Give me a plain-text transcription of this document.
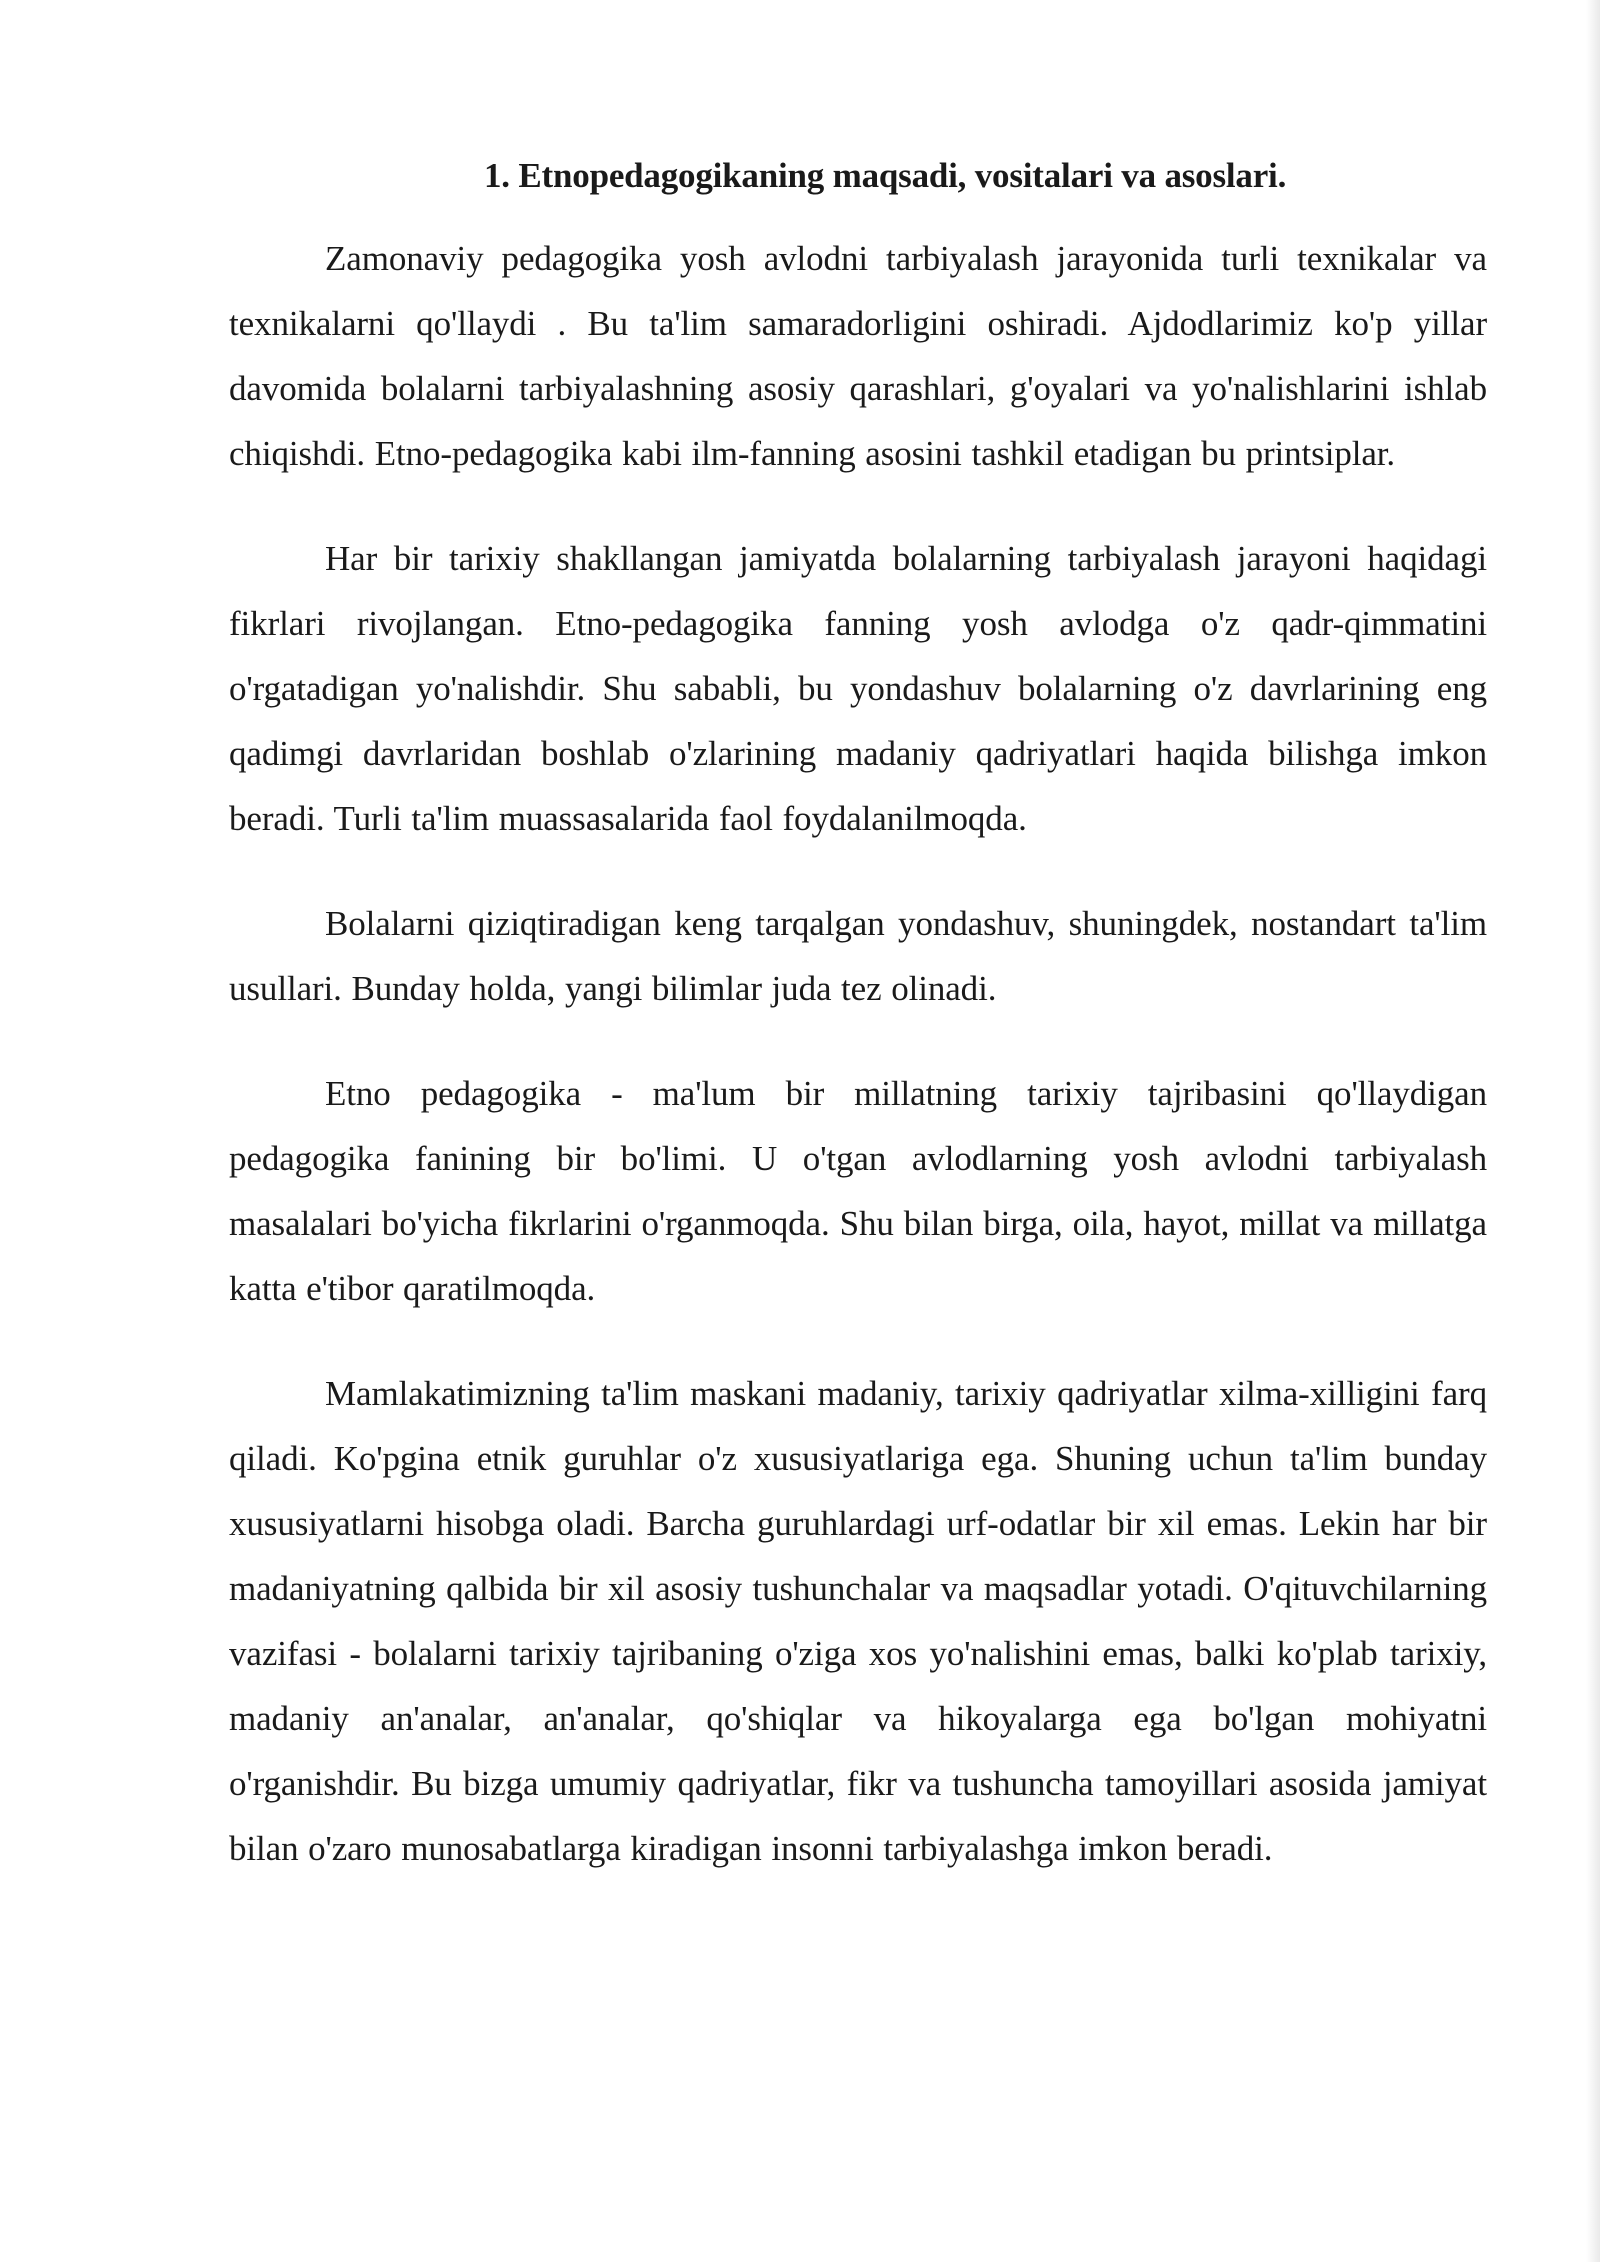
1. Etnopedagogikaning maqsadi, vositalari va asoslari.

Zamonaviy pedagogika yosh avlodni tarbiyalash jarayonida turli texnikalar va texnikalarni qo'llaydi . Bu ta'lim samaradorligini oshiradi. Ajdodlarimiz ko'p yillar davomida bolalarni tarbiyalashning asosiy qarashlari, g'oyalari va yo'nalishlarini ishlab chiqishdi. Etno-pedagogika kabi ilm-fanning asosini tashkil etadigan bu printsiplar.

Har bir tarixiy shakllangan jamiyatda bolalarning tarbiyalash jarayoni haqidagi fikrlari rivojlangan. Etno-pedagogika fanning yosh avlodga o'z qadr-qimmatini o'rgatadigan yo'nalishdir. Shu sababli, bu yondashuv bolalarning o'z davrlarining eng qadimgi davrlaridan boshlab o'zlarining madaniy qadriyatlari haqida bilishga imkon beradi. Turli ta'lim muassasalarida faol foydalanilmoqda.

Bolalarni qiziqtiradigan keng tarqalgan yondashuv, shuningdek, nostandart ta'lim usullari. Bunday holda, yangi bilimlar juda tez olinadi.

Etno pedagogika - ma'lum bir millatning tarixiy tajribasini qo'llaydigan pedagogika fanining bir bo'limi. U o'tgan avlodlarning yosh avlodni tarbiyalash masalalari bo'yicha fikrlarini o'rganmoqda. Shu bilan birga, oila, hayot, millat va millatga katta e'tibor qaratilmoqda.

Mamlakatimizning ta'lim maskani madaniy, tarixiy qadriyatlar xilma-xilligini farq qiladi. Ko'pgina etnik guruhlar o'z xususiyatlariga ega. Shuning uchun ta'lim bunday xususiyatlarni hisobga oladi. Barcha guruhlardagi urf-odatlar bir xil emas. Lekin har bir madaniyatning qalbida bir xil asosiy tushunchalar va maqsadlar yotadi. O'qituvchilarning vazifasi - bolalarni tarixiy tajribaning o'ziga xos yo'nalishini emas, balki ko'plab tarixiy, madaniy an'analar, an'analar, qo'shiqlar va hikoyalarga ega bo'lgan mohiyatni o'rganishdir. Bu bizga umumiy qadriyatlar, fikr va tushuncha tamoyillari asosida jamiyat bilan o'zaro munosabatlarga kiradigan insonni tarbiyalashga imkon beradi.
